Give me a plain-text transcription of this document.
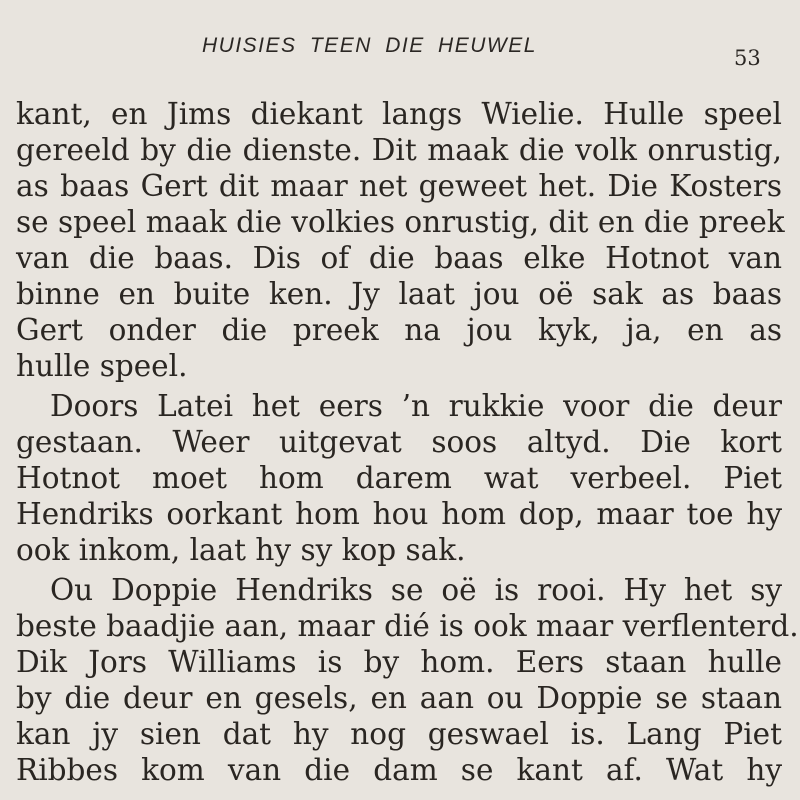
HUISIES TEEN DIE HEUWEL
53
kant, en Jims diekant langs Wielie. Hulle speel
gereeld by die dienste. Dit maak die volk onrustig,
as baas Gert dit maar net geweet het. Die Kosters
se speel maak die volkies onrustig, dit en die preek
van die baas. Dis of die baas elke Hotnot van
binne en buite ken. Jy laat jou oë sak as baas
Gert onder die preek na jou kyk, ja, en as
hulle speel.
Doors Latei het eers ’n rukkie voor die deur
gestaan. Weer uitgevat soos altyd. Die kort
Hotnot moet hom darem wat verbeel. Piet
Hendriks oorkant hom hou hom dop, maar toe hy
ook inkom, laat hy sy kop sak.
Ou Doppie Hendriks se oë is rooi. Hy het sy
beste baadjie aan, maar dié is ook maar verflenterd.
Dik Jors Williams is by hom. Eers staan hulle
by die deur en gesels, en aan ou Doppie se staan
kan jy sien dat hy nog geswael is. Lang Piet
Ribbes kom van die dam se kant af. Wat hy
